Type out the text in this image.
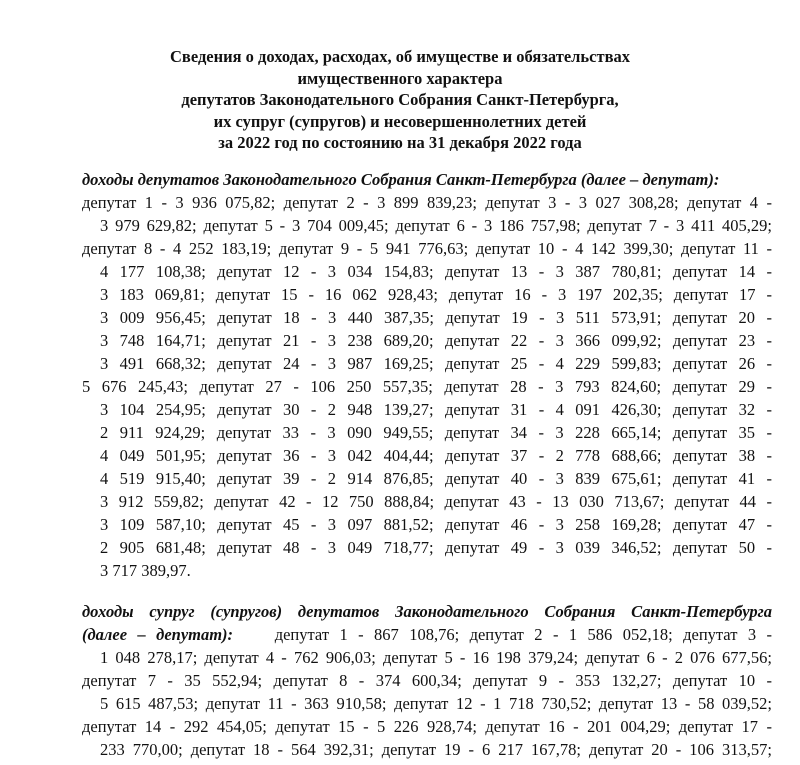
Сведения о доходах, расходах, об имуществе и обязательствах
имущественного характера
депутатов Законодательного Собрания Санкт-Петербурга,
их супруг (супругов) и несовершеннолетних детей
за 2022 год по состоянию на 31 декабря 2022 года
доходы депутатов Законодательного Собрания Санкт-Петербурга (далее – депутат):
депутат 1 - 3 936 075,82; депутат 2 - 3 899 839,23; депутат 3 - 3 027 308,28; депутат 4 -
3 979 629,82; депутат 5 - 3 704 009,45; депутат 6 - 3 186 757,98; депутат 7 - 3 411 405,29;
депутат 8 - 4 252 183,19; депутат 9 - 5 941 776,63; депутат 10 - 4 142 399,30; депутат 11 -
4 177 108,38; депутат 12 - 3 034 154,83; депутат 13 - 3 387 780,81; депутат 14 -
3 183 069,81; депутат 15 - 16 062 928,43; депутат 16 - 3 197 202,35; депутат 17 -
3 009 956,45; депутат 18 - 3 440 387,35; депутат 19 - 3 511 573,91; депутат 20 -
3 748 164,71; депутат 21 - 3 238 689,20; депутат 22 - 3 366 099,92; депутат 23 -
3 491 668,32; депутат 24 - 3 987 169,25; депутат 25 - 4 229 599,83; депутат 26 -
5 676 245,43; депутат 27 - 106 250 557,35; депутат 28 - 3 793 824,60; депутат 29 -
3 104 254,95; депутат 30 - 2 948 139,27; депутат 31 - 4 091 426,30; депутат 32 -
2 911 924,29; депутат 33 - 3 090 949,55; депутат 34 - 3 228 665,14; депутат 35 -
4 049 501,95; депутат 36 - 3 042 404,44; депутат 37 - 2 778 688,66; депутат 38 -
4 519 915,40; депутат 39 - 2 914 876,85; депутат 40 - 3 839 675,61; депутат 41 -
3 912 559,82; депутат 42 - 12 750 888,84; депутат 43 - 13 030 713,67; депутат 44 -
3 109 587,10; депутат 45 - 3 097 881,52; депутат 46 - 3 258 169,28; депутат 47 -
2 905 681,48; депутат 48 - 3 049 718,77; депутат 49 - 3 039 346,52; депутат 50 -
3 717 389,97.
доходы супруг (супругов) депутатов Законодательного Собрания Санкт-Петербурга
(далее – депутат):	депутат 1 - 867 108,76; депутат 2 - 1 586 052,18; депутат 3 -
1 048 278,17; депутат 4 - 762 906,03; депутат 5 - 16 198 379,24; депутат 6 - 2 076 677,56;
депутат 7 - 35 552,94; депутат 8 - 374 600,34; депутат 9 - 353 132,27; депутат 10 -
5 615 487,53; депутат 11 - 363 910,58; депутат 12 - 1 718 730,52; депутат 13 - 58 039,52;
депутат 14 - 292 454,05; депутат 15 - 5 226 928,74; депутат 16 - 201 004,29; депутат 17 -
233 770,00; депутат 18 - 564 392,31; депутат 19 - 6 217 167,78; депутат 20 - 106 313,57;
